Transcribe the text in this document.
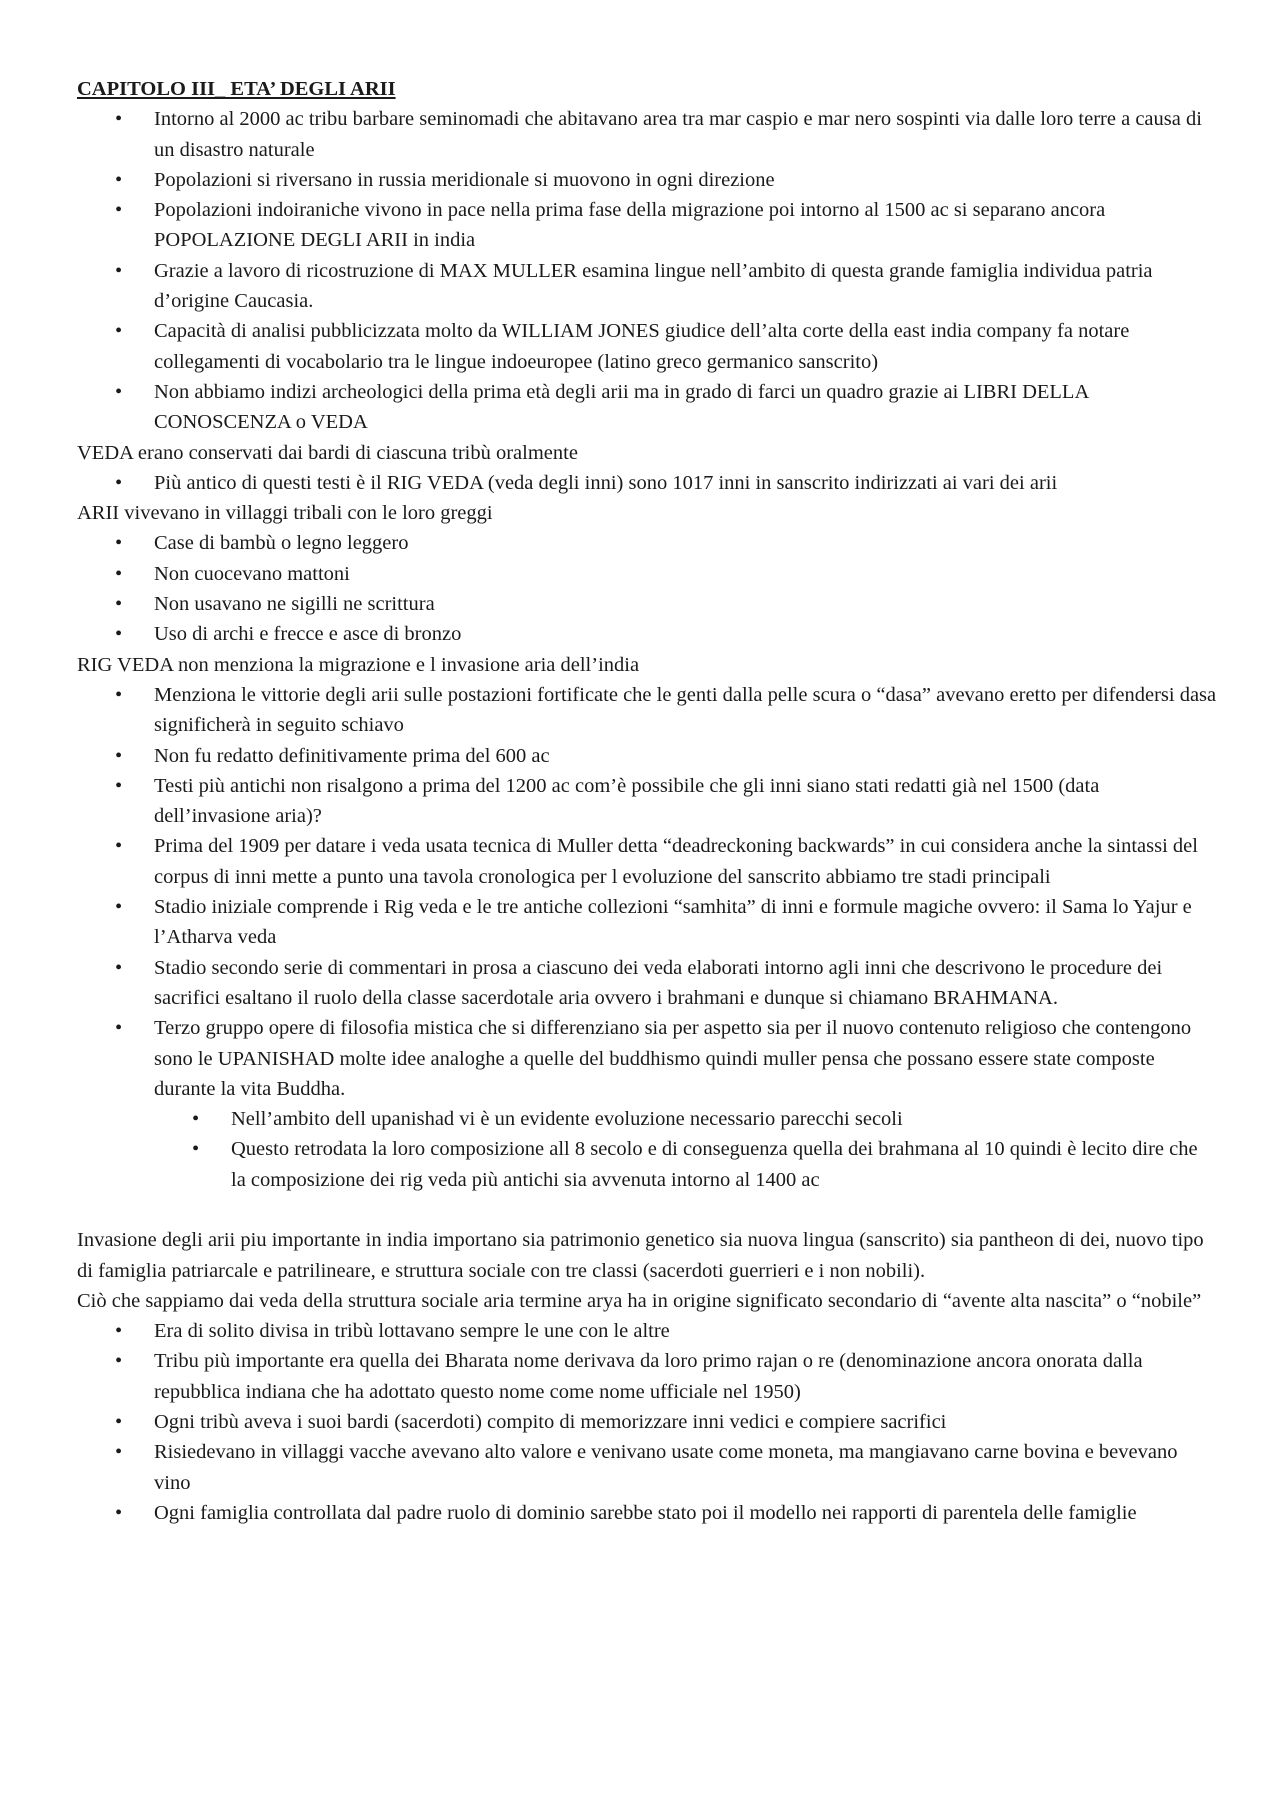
CAPITOLO III_ ETA’ DEGLI ARII

• Intorno al 2000 ac tribu barbare seminomadi che abitavano area tra mar caspio e mar nero sospinti via dalle loro terre a causa di un disastro naturale
• Popolazioni si riversano in russia meridionale si muovono in ogni direzione
• Popolazioni indoiraniche vivono in pace nella prima fase della migrazione poi intorno al 1500 ac si separano ancora POPOLAZIONE DEGLI ARII in india
• Grazie a lavoro di ricostruzione di MAX MULLER esamina lingue nell’ambito di questa grande famiglia individua patria d’origine Caucasia.
• Capacità di analisi pubblicizzata molto da WILLIAM JONES giudice dell’alta corte della east india company fa notare collegamenti di vocabolario tra le lingue indoeuropee (latino greco germanico sanscrito)
• Non abbiamo indizi archeologici della prima età degli arii ma in grado di farci un quadro grazie ai LIBRI DELLA CONOSCENZA o VEDA

VEDA erano conservati dai bardi di ciascuna tribù oralmente

• Più antico di questi testi è il RIG VEDA (veda degli inni) sono 1017 inni in sanscrito indirizzati ai vari dei arii

ARII vivevano in villaggi tribali con le loro greggi

• Case di bambù o legno leggero
• Non cuocevano mattoni
• Non usavano ne sigilli ne scrittura
• Uso di archi e frecce e asce di bronzo

RIG VEDA non menziona la migrazione e l invasione aria dell’india

• Menziona le vittorie degli arii sulle postazioni fortificate che le genti dalla pelle scura o “dasa” avevano eretto per difendersi dasa significherà in seguito schiavo
• Non fu redatto definitivamente prima del 600 ac
• Testi più antichi non risalgono a prima del 1200 ac com’è possibile che gli inni siano stati redatti già nel 1500 (data dell’invasione aria)?
• Prima del 1909 per datare i veda usata tecnica di Muller detta “deadreckoning backwards” in cui considera anche la sintassi del corpus di inni mette a punto una tavola cronologica per l evoluzione del sanscrito abbiamo tre stadi principali
• Stadio iniziale comprende i Rig veda e le tre antiche collezioni “samhita” di inni e formule magiche ovvero: il Sama lo Yajur e l’Atharva veda
• Stadio secondo serie di commentari in prosa a ciascuno dei veda elaborati intorno agli inni che descrivono le procedure dei sacrifici esaltano il ruolo della classe sacerdotale aria ovvero i brahmani e dunque si chiamano BRAHMANA.
• Terzo gruppo opere di filosofia mistica che si differenziano sia per aspetto sia per il nuovo contenuto religioso che contengono sono le UPANISHAD molte idee analoghe a quelle del buddhismo quindi muller pensa che possano essere state composte durante la vita Buddha.
• Nell’ambito dell upanishad vi è un evidente evoluzione necessario parecchi secoli
• Questo retrodata la loro composizione all 8 secolo e di conseguenza quella dei brahmana al 10 quindi è lecito dire che la composizione dei rig veda più antichi sia avvenuta intorno al 1400 ac

Invasione degli arii piu importante in india importano sia patrimonio genetico sia nuova lingua (sanscrito) sia pantheon di dei, nuovo tipo di famiglia patriarcale e patrilineare, e struttura sociale con tre classi (sacerdoti guerrieri e i non nobili).

Ciò che sappiamo dai veda della struttura sociale aria termine arya ha in origine significato secondario di “avente alta nascita” o “nobile”

• Era di solito divisa in tribù lottavano sempre le une con le altre
• Tribu più importante era quella dei Bharata nome derivava da loro primo rajan o re (denominazione ancora onorata dalla repubblica indiana che ha adottato questo nome come nome ufficiale nel 1950)
• Ogni tribù aveva i suoi bardi (sacerdoti) compito di memorizzare inni vedici e compiere sacrifici
• Risiedevano in villaggi vacche avevano alto valore e venivano usate come moneta, ma mangiavano carne bovina e bevevano vino
• Ogni famiglia controllata dal padre ruolo di dominio sarebbe stato poi il modello nei rapporti di parentela delle famiglie
